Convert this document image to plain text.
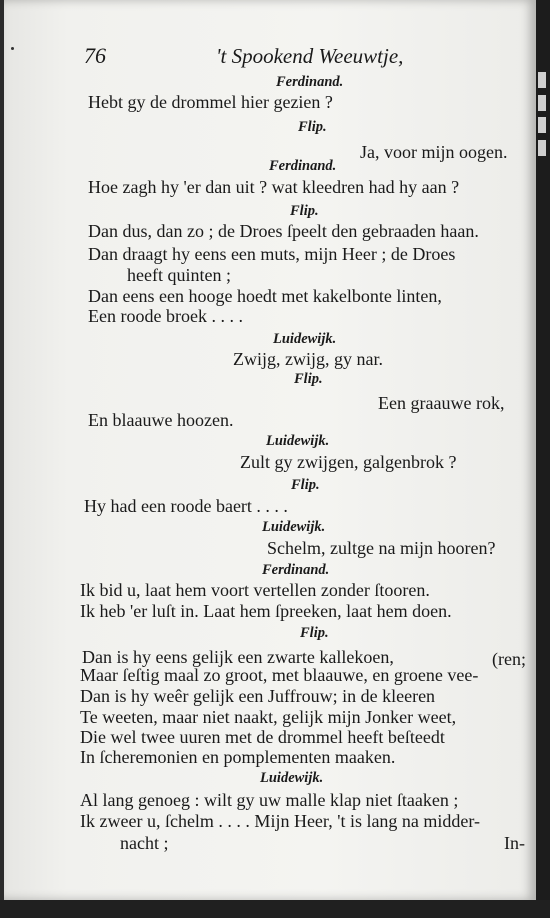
76	't Spookend Weeuwtje,
Ferdinand.
Hebt gy de drommel hier gezien ?
Flip.
Ja, voor mijn oogen.
Ferdinand.
Hoe zagh hy 'er dan uit ? wat kleedren had hy aan ?
Flip.
Dan dus, dan zo ; de Droes ſpeelt den gebraaden haan.
Dan draagt hy eens een muts, mijn Heer ; de Droes
heeft quinten ;
Dan eens een hooge hoedt met kakelbonte linten,
Een roode broek . . . .
Luidewijk.
Zwijg, zwijg, gy nar.
Flip.
Een graauwe rok,
En blaauwe hoozen.
Luidewijk.
Zult gy zwijgen, galgenbrok ?
Flip.
Hy had een roode baert . . . .
Luidewijk.
Schelm, zultge na mijn hooren?
Ferdinand.
Ik bid u, laat hem voort vertellen zonder ſtooren.
Ik heb 'er luſt in. Laat hem ſpreeken, laat hem doen.
Flip.
Dan is hy eens gelijk een zwarte kallekoen,	(ren;
Maar ſeſtig maal zo groot, met blaauwe, en groene vee-
Dan is hy weêr gelijk een Juffrouw; in de kleeren
Te weeten, maar niet naakt, gelijk mijn Jonker weet,
Die wel twee uuren met de drommel heeft beſteedt
In ſcheremonien en pomplementen maaken.
Luidewijk.
Al lang genoeg : wilt gy uw malle klap niet ſtaaken ;
Ik zweer u, ſchelm . . . . Mijn Heer, 't is lang na midder-
nacht ;	In-
